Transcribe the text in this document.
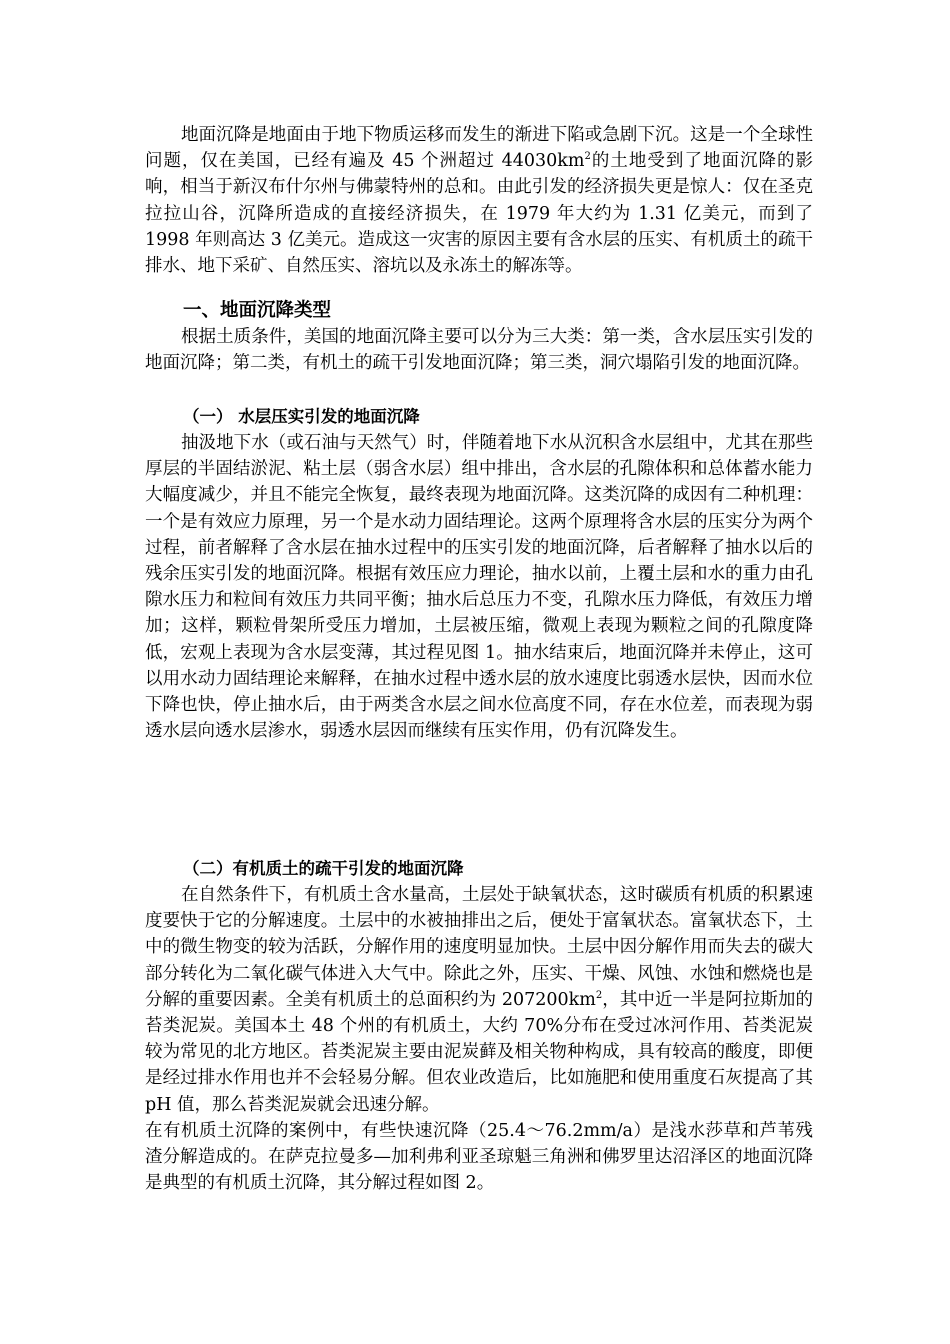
地面沉降是地面由于地下物质运移而发生的渐进下陷或急剧下沉。这是一个全球性问题，仅在美国，已经有遍及 45 个洲超过 $44030km^2$的土地受到了地面沉降的影响，相当于新汉布什尔州与佛蒙特州的总和。由此引发的经济损失更是惊人：仅在圣克拉拉山谷，沉降所造成的直接经济损失，在 1979 年大约为 1.31 亿美元，而到了 1998 年则高达 3 亿美元。造成这一灾害的原因主要有含水层的压实、有机质土的疏干排水、地下采矿、自然压实、溶坑以及永冻土的解冻等。

一、地面沉降类型

根据土质条件，美国的地面沉降主要可以分为三大类：第一类，含水层压实引发的地面沉降；第二类，有机土的疏干引发地面沉降；第三类，洞穴塌陷引发的地面沉降。

（一） 水层压实引发的地面沉降

抽汲地下水（或石油与天然气）时，伴随着地下水从沉积含水层组中，尤其在那些厚层的半固结淤泥、粘土层（弱含水层）组中排出，含水层的孔隙体积和总体蓄水能力大幅度减少，并且不能完全恢复，最终表现为地面沉降。这类沉降的成因有二种机理：一个是有效应力原理，另一个是水动力固结理论。这两个原理将含水层的压实分为两个过程，前者解释了含水层在抽水过程中的压实引发的地面沉降，后者解释了抽水以后的残余压实引发的地面沉降。根据有效压应力理论，抽水以前，上覆土层和水的重力由孔隙水压力和粒间有效压力共同平衡；抽水后总压力不变，孔隙水压力降低，有效压力增加；这样，颗粒骨架所受压力增加，土层被压缩，微观上表现为颗粒之间的孔隙度降低，宏观上表现为含水层变薄，其过程见图 1。抽水结束后，地面沉降并未停止，这可以用水动力固结理论来解释，在抽水过程中透水层的放水速度比弱透水层快，因而水位下降也快，停止抽水后，由于两类含水层之间水位高度不同，存在水位差，而表现为弱透水层向透水层渗水，弱透水层因而继续有压实作用，仍有沉降发生。

（二）有机质土的疏干引发的地面沉降

在自然条件下，有机质土含水量高，土层处于缺氧状态，这时碳质有机质的积累速度要快于它的分解速度。土层中的水被抽排出之后，便处于富氧状态。富氧状态下，土中的微生物变的较为活跃，分解作用的速度明显加快。土层中因分解作用而失去的碳大部分转化为二氧化碳气体进入大气中。除此之外，压实、干燥、风蚀、水蚀和燃烧也是分解的重要因素。全美有机质土的总面积约为 $207200km^2$，其中近一半是阿拉斯加的苔类泥炭。美国本土 48 个州的有机质土，大约 70%分布在受过冰河作用、苔类泥炭较为常见的北方地区。苔类泥炭主要由泥炭藓及相关物种构成，具有较高的酸度，即便是经过排水作用也并不会轻易分解。但农业改造后，比如施肥和使用重度石灰提高了其 pH 值，那么苔类泥炭就会迅速分解。

在有机质土沉降的案例中，有些快速沉降（25.4～76.2mm/a）是浅水莎草和芦苇残渣分解造成的。在萨克拉曼多—加利弗利亚圣琼魁三角洲和佛罗里达沼泽区的地面沉降是典型的有机质土沉降，其分解过程如图 2。
